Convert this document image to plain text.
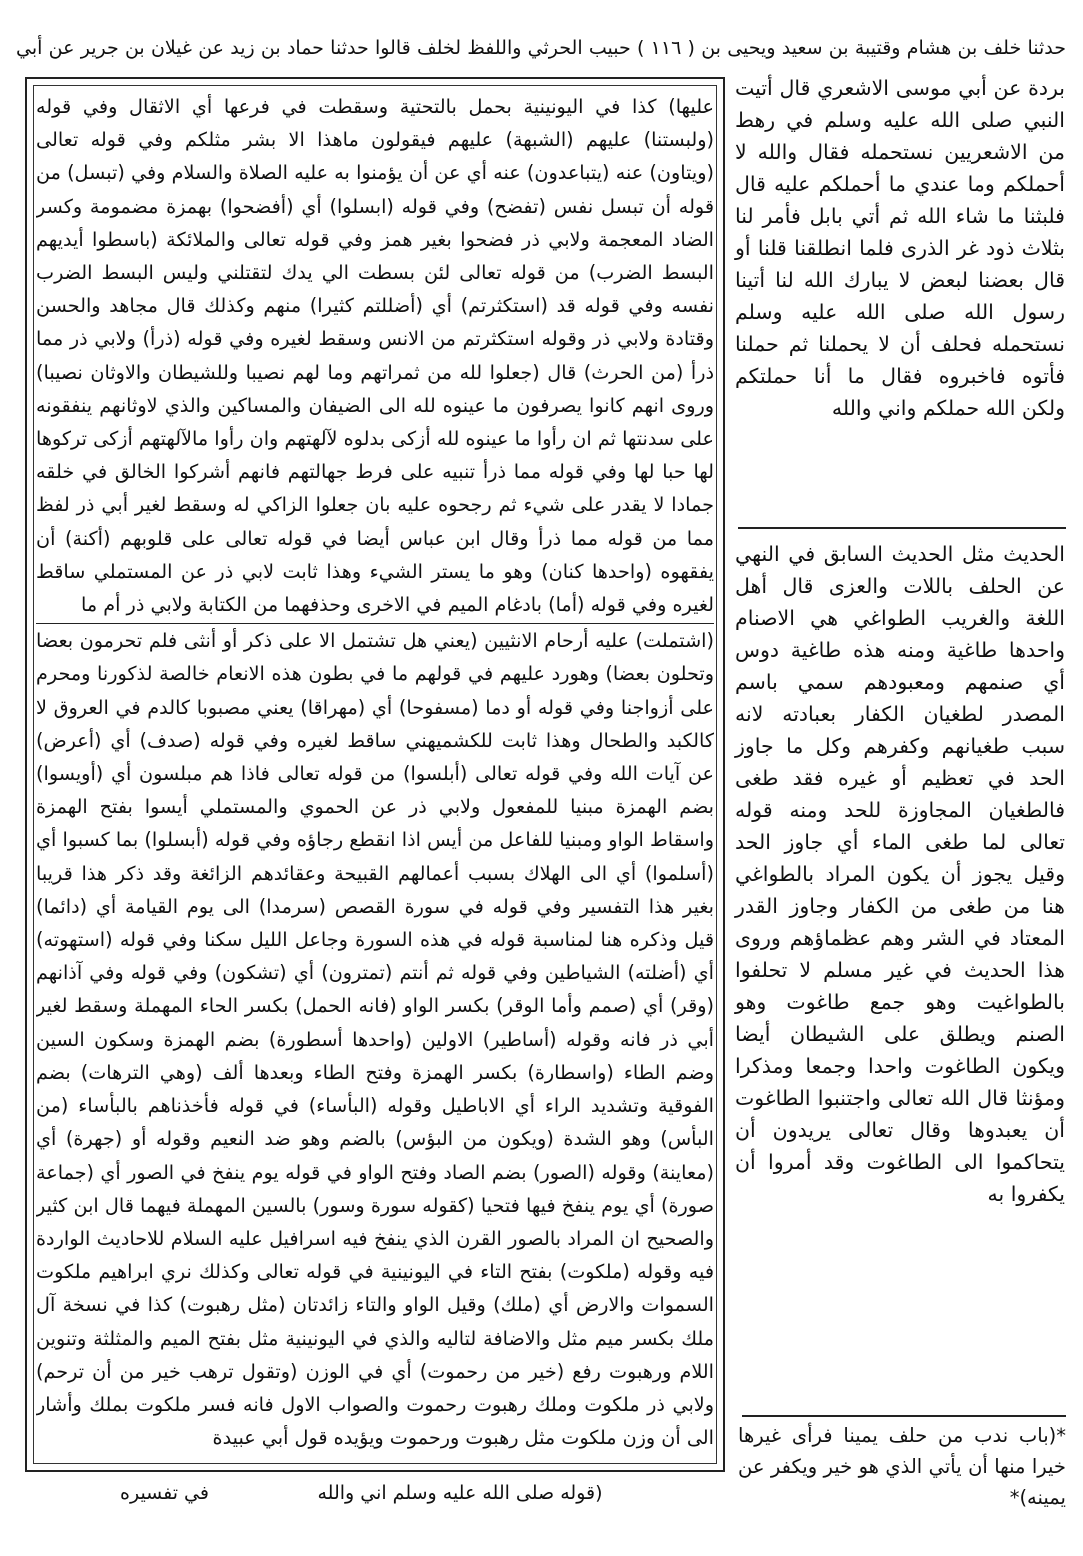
حدثنا خلف بن هشام وقتيبة بن سعيد ويحيى بن ( ١١٦ ) حبيب الحرثي واللفظ لخلف قالوا حدثنا حماد بن زيد عن غيلان بن جرير عن أبي
بردة عن أبي موسى الاشعري قال أتيت النبي صلى الله عليه وسلم في رهط من الاشعريين نستحمله فقال والله لا أحملكم وما عندي ما أحملكم عليه قال فلبثنا ما شاء الله ثم أتي بابل فأمر لنا بثلاث ذود غر الذرى فلما انطلقنا قلنا أو قال بعضنا لبعض لا يبارك الله لنا أتينا رسول الله صلى الله عليه وسلم نستحمله فحلف أن لا يحملنا ثم حملنا فأتوه فاخبروه فقال ما أنا حملتكم ولكن الله حملكم واني والله
الحديث مثل الحديث السابق في النهي عن الحلف باللات والعزى قال أهل اللغة والغريب الطواغي هي الاصنام واحدها طاغية ومنه هذه طاغية دوس أي صنمهم ومعبودهم سمي باسم المصدر لطغيان الكفار بعبادته لانه سبب طغيانهم وكفرهم وكل ما جاوز الحد في تعظيم أو غيره فقد طغى فالطغيان المجاوزة للحد ومنه قوله تعالى لما طغى الماء أي جاوز الحد وقيل يجوز أن يكون المراد بالطواغي هنا من طغى من الكفار وجاوز القدر المعتاد في الشر وهم عظماؤهم وروى هذا الحديث في غير مسلم لا تحلفوا بالطواغيت وهو جمع طاغوت وهو الصنم ويطلق على الشيطان أيضا ويكون الطاغوت واحدا وجمعا ومذكرا ومؤنثا قال الله تعالى واجتنبوا الطاغوت أن يعبدوها وقال تعالى يريدون أن يتحاكموا الى الطاغوت وقد أمروا أن يكفروا به
*(باب ندب من حلف يمينا فرأى غيرها خيرا منها أن يأتي الذي هو خير ويكفر عن يمينه)*

عليها) كذا في اليونينية بحمل بالتحتية وسقطت في فرعها أي الاثقال وفي قوله (ولبستنا) عليهم (الشبهة) عليهم فيقولون ماهذا الا بشر مثلكم وفي قوله تعالى (ويتاون) عنه (يتباعدون) عنه أي عن أن يؤمنوا به عليه الصلاة والسلام وفي (تبسل) من قوله أن تبسل نفس (تفضح) وفي قوله (ابسلوا) أي (أفضحوا) بهمزة مضمومة وكسر الضاد المعجمة ولابي ذر فضحوا بغير همز وفي قوله تعالى والملائكة (باسطوا أيديهم البسط الضرب) من قوله تعالى لئن بسطت الي يدك لتقتلني وليس البسط الضرب نفسه وفي قوله قد (استكثرتم) أي (أضللتم كثيرا) منهم وكذلك قال مجاهد والحسن وقتادة ولابي ذر وقوله استكثرتم من الانس وسقط لغيره وفي قوله (ذرأ) ولابي ذر مما ذرأ (من الحرث) قال (جعلوا لله من ثمراتهم وما لهم نصيبا وللشيطان والاوثان نصيبا) وروى انهم كانوا يصرفون ما عينوه لله الى الضيفان والمساكين والذي لاوثانهم ينفقونه على سدنتها ثم ان رأوا ما عينوه لله أزكى بدلوه لآلهتهم وان رأوا مالآلهتهم أزكى تركوها لها حبا لها وفي قوله مما ذرأ تنبيه على فرط جهالتهم فانهم أشركوا الخالق في خلقه جمادا لا يقدر على شيء ثم رجحوه عليه بان جعلوا الزاكي له وسقط لغير أبي ذر لفظ مما من قوله مما ذرأ وقال ابن عباس أيضا في قوله تعالى على قلوبهم (أكنة) أن يفقهوه (واحدها كنان) وهو ما يستر الشيء وهذا ثابت لابي ذر عن المستملي ساقط لغيره وفي قوله (أما) بادغام الميم في الاخرى وحذفهما من الكتابة ولابي ذر أم ما

(اشتملت) عليه أرحام الانثيين (يعني هل تشتمل الا على ذكر أو أنثى فلم تحرمون بعضا وتحلون بعضا) وهورد عليهم في قولهم ما في بطون هذه الانعام خالصة لذكورنا ومحرم على أزواجنا وفي قوله أو دما (مسفوحا) أي (مهراقا) يعني مصبوبا كالدم في العروق لا كالكبد والطحال وهذا ثابت للكشميهني ساقط لغيره وفي قوله (صدف) أي (أعرض) عن آيات الله وفي قوله تعالى (أبلسوا) من قوله تعالى فاذا هم مبلسون أي (أويسوا) بضم الهمزة مبنيا للمفعول ولابي ذر عن الحموي والمستملي أيسوا بفتح الهمزة واسقاط الواو ومبنيا للفاعل من أيس اذا انقطع رجاؤه وفي قوله (أبسلوا) بما كسبوا أي (أسلموا) أي الى الهلاك بسبب أعمالهم القبيحة وعقائدهم الزائغة وقد ذكر هذا قريبا بغير هذا التفسير وفي قوله في سورة القصص (سرمدا) الى يوم القيامة أي (دائما) قيل وذكره هنا لمناسبة قوله في هذه السورة وجاعل الليل سكنا وفي قوله (استهوته) أي (أضلته) الشياطين وفي قوله ثم أنتم (تمترون) أي (تشكون) وفي قوله وفي آذانهم (وقر) أي (صمم وأما الوقر) بكسر الواو (فانه الحمل) بكسر الحاء المهملة وسقط لغير أبي ذر فانه وقوله (أساطير) الاولين (واحدها أسطورة) بضم الهمزة وسكون السين وضم الطاء (واسطارة) بكسر الهمزة وفتح الطاء وبعدها ألف (وهي الترهات) بضم الفوقية وتشديد الراء أي الاباطيل وقوله (البأساء) في قوله فأخذناهم بالبأساء (من البأس) وهو الشدة (ويكون من البؤس) بالضم وهو ضد النعيم وقوله أو (جهرة) أي (معاينة) وقوله (الصور) بضم الصاد وفتح الواو في قوله يوم ينفخ في الصور أي (جماعة صورة) أي يوم ينفخ فيها فتحيا (كقوله سورة وسور) بالسين المهملة فيهما قال ابن كثير والصحيح ان المراد بالصور القرن الذي ينفخ فيه اسرافيل عليه السلام للاحاديث الواردة فيه وقوله (ملكوت) بفتح التاء في اليونينية في قوله تعالى وكذلك نري ابراهيم ملكوت السموات والارض أي (ملك) وقيل الواو والتاء زائدتان (مثل رهبوت) كذا في نسخة آل ملك بكسر ميم مثل والاضافة لتاليه والذي في اليونينية مثل بفتح الميم والمثلثة وتنوين اللام ورهبوت رفع (خير من رحموت) أي في الوزن (وتقول ترهب خير من أن ترحم) ولابي ذر ملكوت وملك رهبوت رحموت والصواب الاول فانه فسر ملكوت بملك وأشار الى أن وزن ملكوت مثل رهبوت ورحموت ويؤيده قول أبي عبيدة

(قوله صلى الله عليه وسلم اني والله
في تفسيره
